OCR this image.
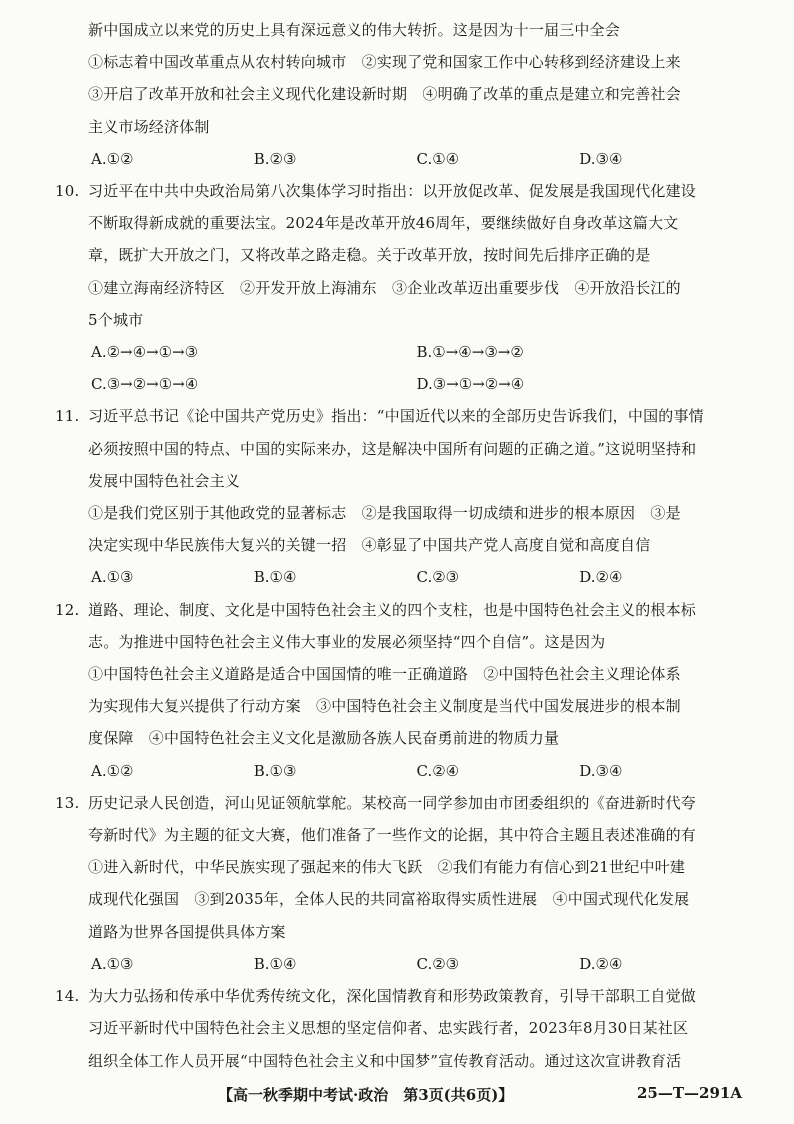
新中国成立以来党的历史上具有深远意义的伟大转折。这是因为十一届三中全会
①标志着中国改革重点从农村转向城市　②实现了党和国家工作中心转移到经济建设上来
③开启了改革开放和社会主义现代化建设新时期　④明确了改革的重点是建立和完善社会
主义市场经济体制
A.①②	B.②③	C.①④	D.③④
10. 习近平在中共中央政治局第八次集体学习时指出：以开放促改革、促发展是我国现代化建设
不断取得新成就的重要法宝。2024年是改革开放46周年，要继续做好自身改革这篇大文
章，既扩大开放之门，又将改革之路走稳。关于改革开放，按时间先后排序正确的是
①建立海南经济特区　②开发开放上海浦东　③企业改革迈出重要步伐　④开放沿长江的
5个城市
A.②→④→①→③	B.①→④→③→②
C.③→②→①→④	D.③→①→②→④
11. 习近平总书记《论中国共产党历史》指出：“中国近代以来的全部历史告诉我们，中国的事情
必须按照中国的特点、中国的实际来办，这是解决中国所有问题的正确之道。”这说明坚持和
发展中国特色社会主义
①是我们党区别于其他政党的显著标志　②是我国取得一切成绩和进步的根本原因　③是
决定实现中华民族伟大复兴的关键一招　④彰显了中国共产党人高度自觉和高度自信
A.①③	B.①④	C.②③	D.②④
12. 道路、理论、制度、文化是中国特色社会主义的四个支柱，也是中国特色社会主义的根本标
志。为推进中国特色社会主义伟大事业的发展必须坚持“四个自信”。这是因为
①中国特色社会主义道路是适合中国国情的唯一正确道路　②中国特色社会主义理论体系
为实现伟大复兴提供了行动方案　③中国特色社会主义制度是当代中国发展进步的根本制
度保障　④中国特色社会主义文化是激励各族人民奋勇前进的物质力量
A.①②	B.①③	C.②④	D.③④
13. 历史记录人民创造，河山见证领航掌舵。某校高一同学参加由市团委组织的《奋进新时代夸
夸新时代》为主题的征文大赛，他们准备了一些作文的论据，其中符合主题且表述准确的有
①进入新时代，中华民族实现了强起来的伟大飞跃　②我们有能力有信心到21世纪中叶建
成现代化强国　③到2035年，全体人民的共同富裕取得实质性进展　④中国式现代化发展
道路为世界各国提供具体方案
A.①③	B.①④	C.②③	D.②④
14. 为大力弘扬和传承中华优秀传统文化，深化国情教育和形势政策教育，引导干部职工自觉做
习近平新时代中国特色社会主义思想的坚定信仰者、忠实践行者，2023年8月30日某社区
组织全体工作人员开展“中国特色社会主义和中国梦”宣传教育活动。通过这次宣讲教育活
【高一秋季期中考试·政治　第3页(共6页)】	25—T—291A
